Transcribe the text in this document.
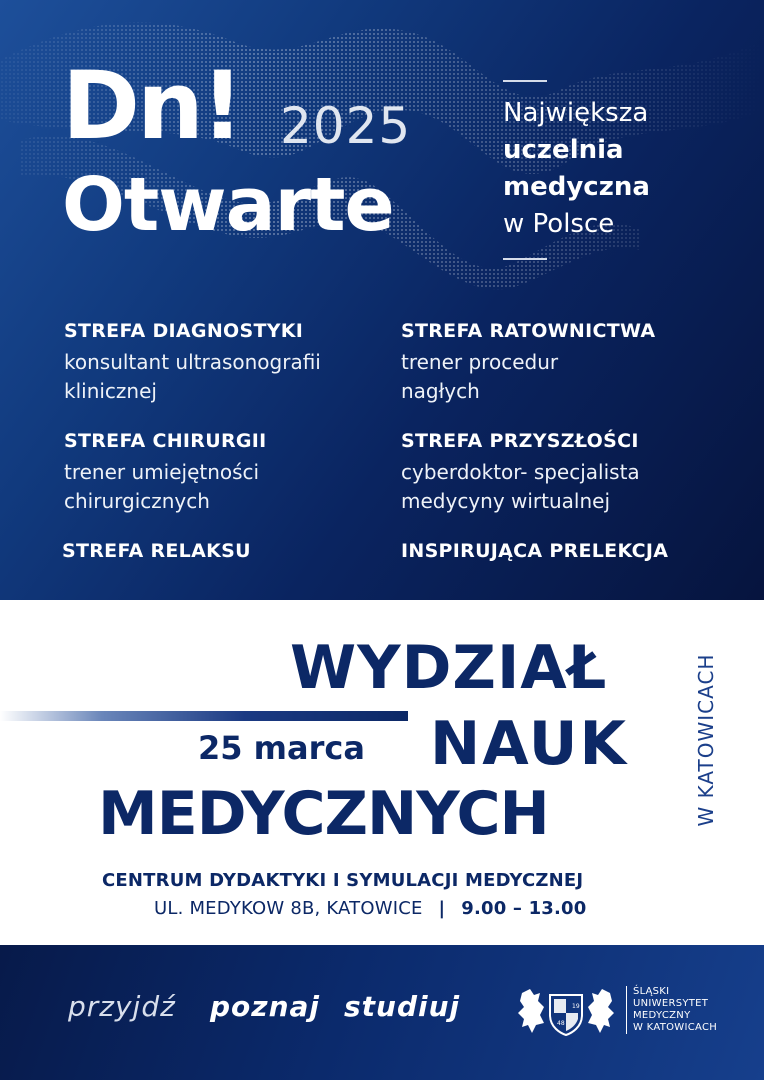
Dn! 2025
Otwarte
Największa
uczelnia
medyczna
w Polsce
STREFA DIAGNOSTYKI
konsultant ultrasonografii
klinicznej
STREFA RATOWNICTWA
trener procedur
nagłych
STREFA CHIRURGII
trener umiejętności
chirurgicznych
STREFA PRZYSZŁOŚCI
cyberdoktor- specjalista
medycyny wirtualnej
STREFA RELAKSU	INSPIRUJĄCA PRELEKCJA
WYDZIAŁ
25 marca NAUK
MEDYCZNYCH	W KATOWICACH
CENTRUM DYDAKTYKI I SYMULACJI MEDYCZNEJ
UL. MEDYKOW 8B, KATOWICE | 9.00 – 13.00
przyjdź poznaj studiuj	19
48
ŚLĄSKI
UNIWERSYTET
MEDYCZNY
W KATOWICACH
